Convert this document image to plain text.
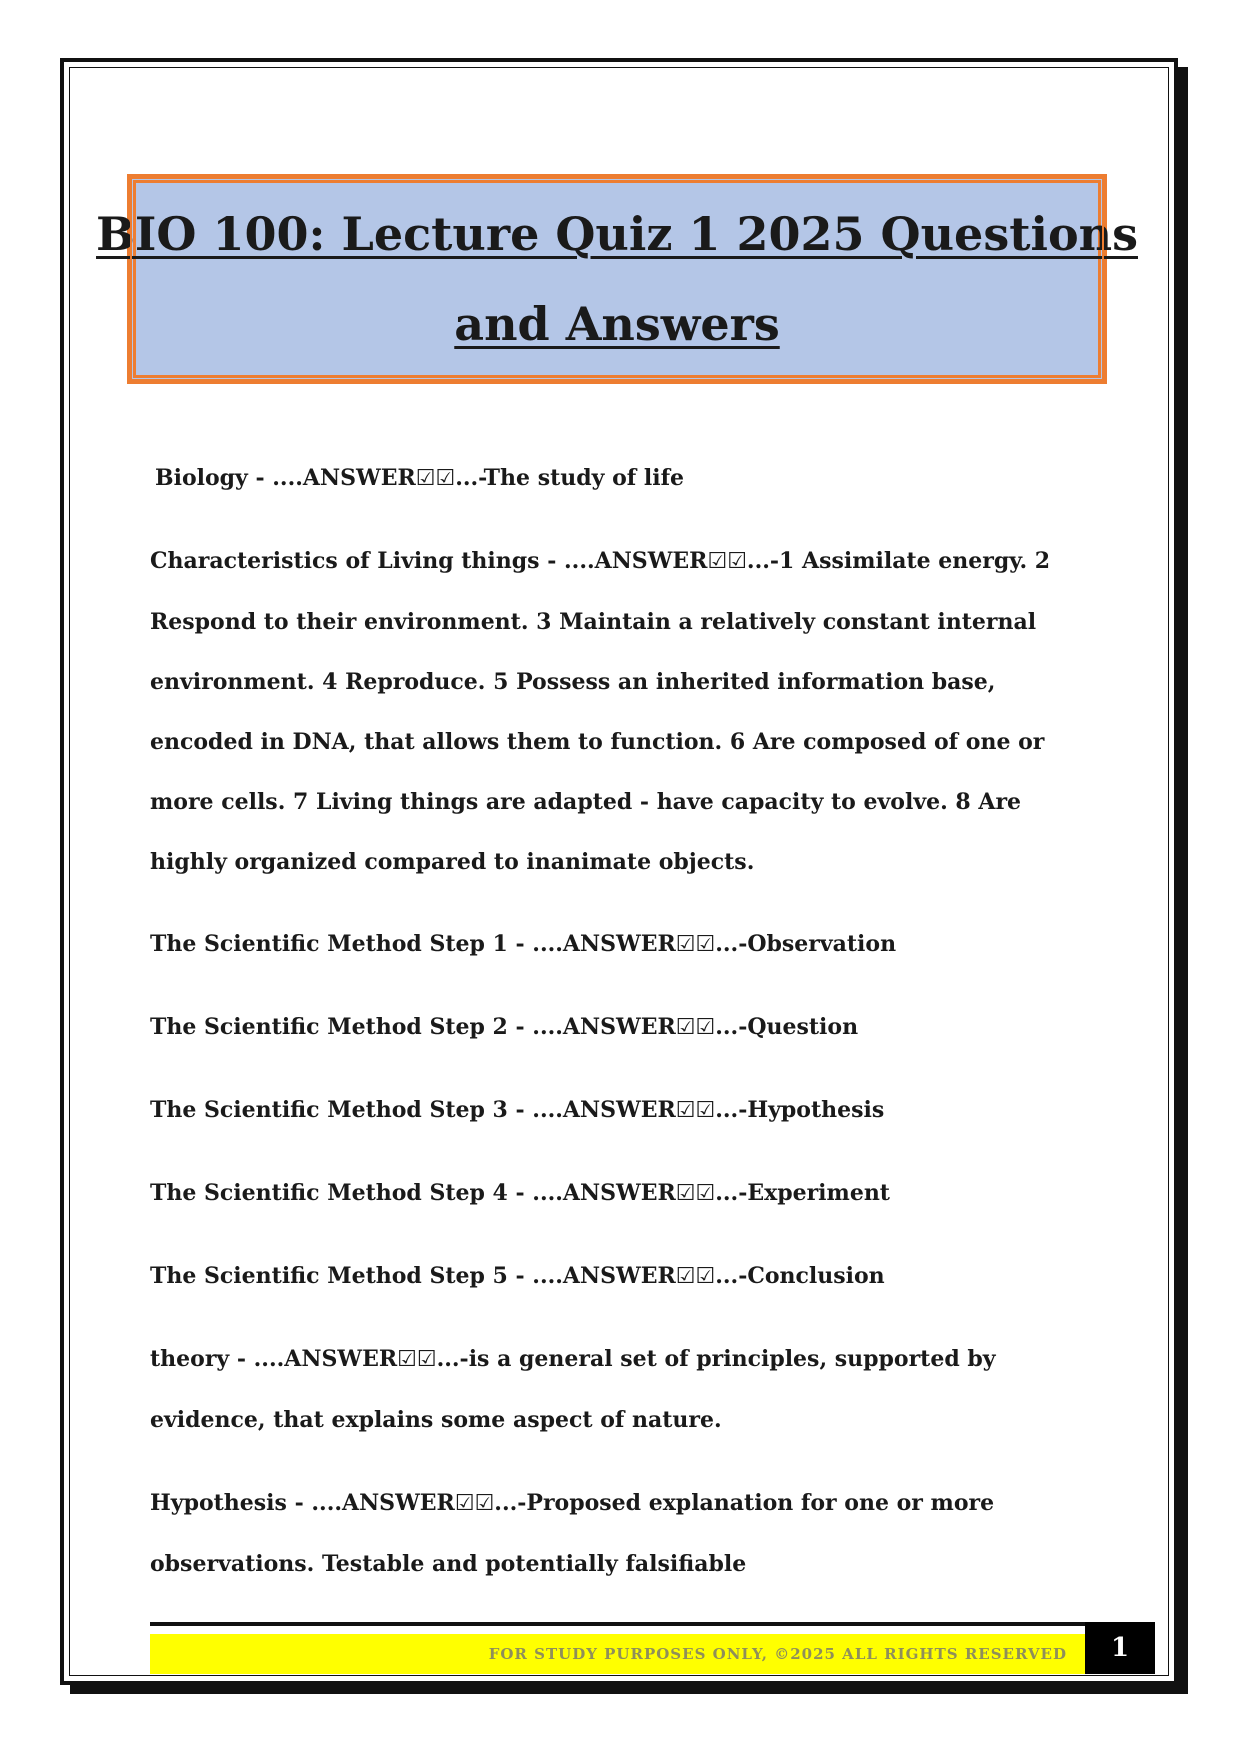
BIO 100: Lecture Quiz 1 2025 Questions
and Answers

Biology - ....ANSWER☑☑...-The study of life

Characteristics of Living things - ....ANSWER☑☑...-1 Assimilate energy. 2 Respond to their environment. 3 Maintain a relatively constant internal environment. 4 Reproduce. 5 Possess an inherited information base, encoded in DNA, that allows them to function. 6 Are composed of one or more cells. 7 Living things are adapted - have capacity to evolve. 8 Are highly organized compared to inanimate objects.

The Scientific Method Step 1 - ....ANSWER☑☑...-Observation

The Scientific Method Step 2 - ....ANSWER☑☑...-Question

The Scientific Method Step 3 - ....ANSWER☑☑...-Hypothesis

The Scientific Method Step 4 - ....ANSWER☑☑...-Experiment

The Scientific Method Step 5 - ....ANSWER☑☑...-Conclusion

theory - ....ANSWER☑☑...-is a general set of principles, supported by evidence, that explains some aspect of nature.

Hypothesis - ....ANSWER☑☑...-Proposed explanation for one or more observations. Testable and potentially falsifiable

FOR STUDY PURPOSES ONLY, ©2025 ALL RIGHTS RESERVED 1
